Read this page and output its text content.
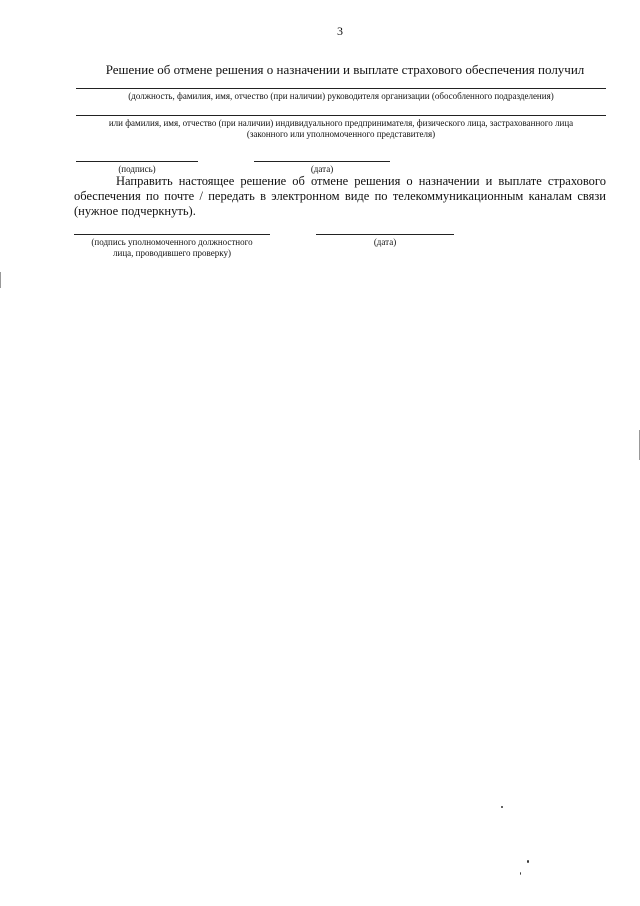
3
Решение об отмене решения о назначении и выплате страхового обеспечения получил
(должность, фамилия, имя, отчество (при наличии) руководителя организации (обособленного подразделения)
или фамилия, имя, отчество (при наличии) индивидуального предпринимателя, физического лица, застрахованного лица
(законного или уполномоченного представителя)
(подпись)	(дата)
Направить настоящее решение об отмене решения о назначении и выплате страхового обеспечения по почте / передать в электронном виде по телекоммуникационным каналам связи (нужное подчеркнуть).
(подпись уполномоченного должностного
лица, проводившего проверку)
(дата)
